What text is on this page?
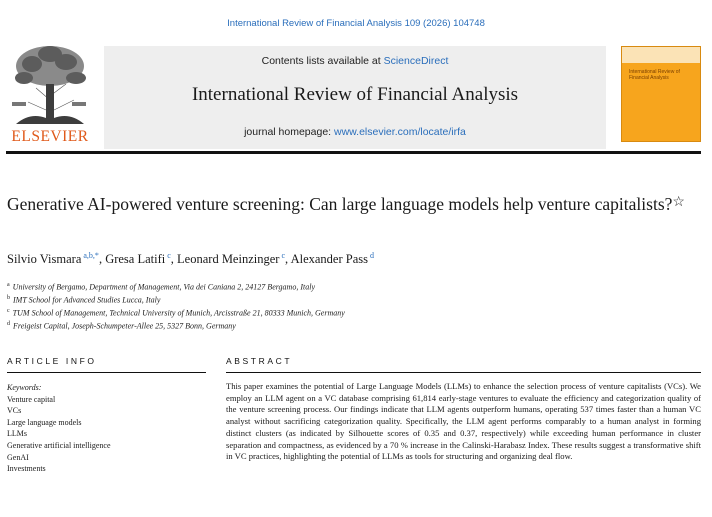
International Review of Financial Analysis 109 (2026) 104748
ELSEVIER
Contents lists available at ScienceDirect
International Review of Financial Analysis
journal homepage: www.elsevier.com/locate/irfa
International Review of Financial Analysis
Generative AI-powered venture screening: Can large language models help venture capitalists?☆
Silvio Vismara $^{a,b,*}$, Gresa Latifi $^c$, Leonard Meinzinger $^c$, Alexander Pass $^d$
$^a$ University of Bergamo, Department of Management, Via dei Caniana 2, 24127 Bergamo, Italy
$^b$ IMT School for Advanced Studies Lucca, Italy
$^c$ TUM School of Management, Technical University of Munich, Arcisstraße 21, 80333 Munich, Germany
$^d$ Freigeist Capital, Joseph-Schumpeter-Allee 25, 5327 Bonn, Germany
ARTICLE INFO	ABSTRACT
Keywords:
Venture capital
VCs
Large language models
LLMs
Generative artificial intelligence
GenAI
Investments

This paper examines the potential of Large Language Models (LLMs) to enhance the selection process of venture capitalists (VCs). We employ an LLM agent on a VC database comprising 61,814 early-stage ventures to evaluate the efficiency and categorization quality of the venture screening process. Our findings indicate that LLM agents outperform humans, operating 537 times faster than a human VC analyst without sacrificing categorization quality. Specifically, the LLM agent performs comparably to a human analyst in forming distinct clusters (as indicated by Silhouette scores of 0.35 and 0.37, respectively) while exceeding human performance in cluster separation and compactness, as evidenced by a 70 % increase in the Calinski-Harabasz Index. These results suggest a transformative shift in VC practices, highlighting the potential of LLMs as tools for structuring and organizing deal flow.
